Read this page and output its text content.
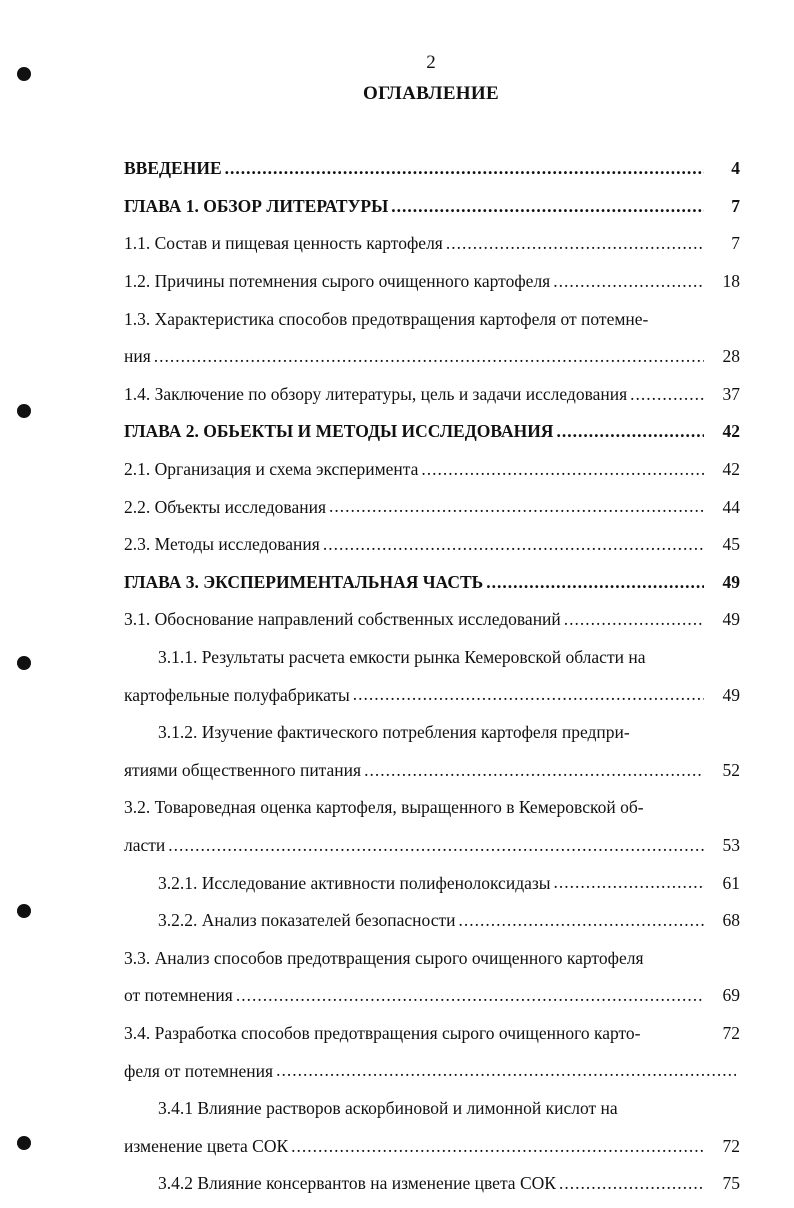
2
ОГЛАВЛЕНИЕ
ВВЕДЕНИЕ .....	4
ГЛАВА 1. ОБЗОР ЛИТЕРАТУРЫ .....	7
1.1. Состав и пищевая ценность картофеля .....	7
1.2. Причины потемнения сырого очищенного картофеля .....	18
1.3. Характеристика способов предотвращения картофеля от потемне-
ния .....	28
1.4. Заключение по обзору литературы, цель и задачи исследования .....	37
ГЛАВА 2. ОБЬЕКТЫ И МЕТОДЫ ИССЛЕДОВАНИЯ .....	42
2.1. Организация и схема эксперимента .....	42
2.2. Объекты исследования .....	44
2.3. Методы исследования .....	45
ГЛАВА 3. ЭКСПЕРИМЕНТАЛЬНАЯ ЧАСТЬ .....	49
3.1. Обоснование направлений собственных исследований .....	49
3.1.1. Результаты расчета емкости рынка Кемеровской области на
картофельные полуфабрикаты .....	49
3.1.2. Изучение фактического потребления картофеля предпри-
ятиями общественного питания .....	52
3.2. Товароведная оценка картофеля, выращенного в Кемеровской об-
ласти .....	53
3.2.1. Исследование активности полифенолоксидазы .....	61
3.2.2. Анализ показателей безопасности .....	68
3.3. Анализ способов предотвращения сырого очищенного картофеля
от потемнения .....	69
3.4. Разработка способов предотвращения сырого очищенного карто-	72
феля от потемнения
.....
3.4.1 Влияние растворов аскорбиновой и лимонной кислот на
изменение цвета СОК .....	72
3.4.2 Влияние консервантов на изменение цвета СОК .....	75
